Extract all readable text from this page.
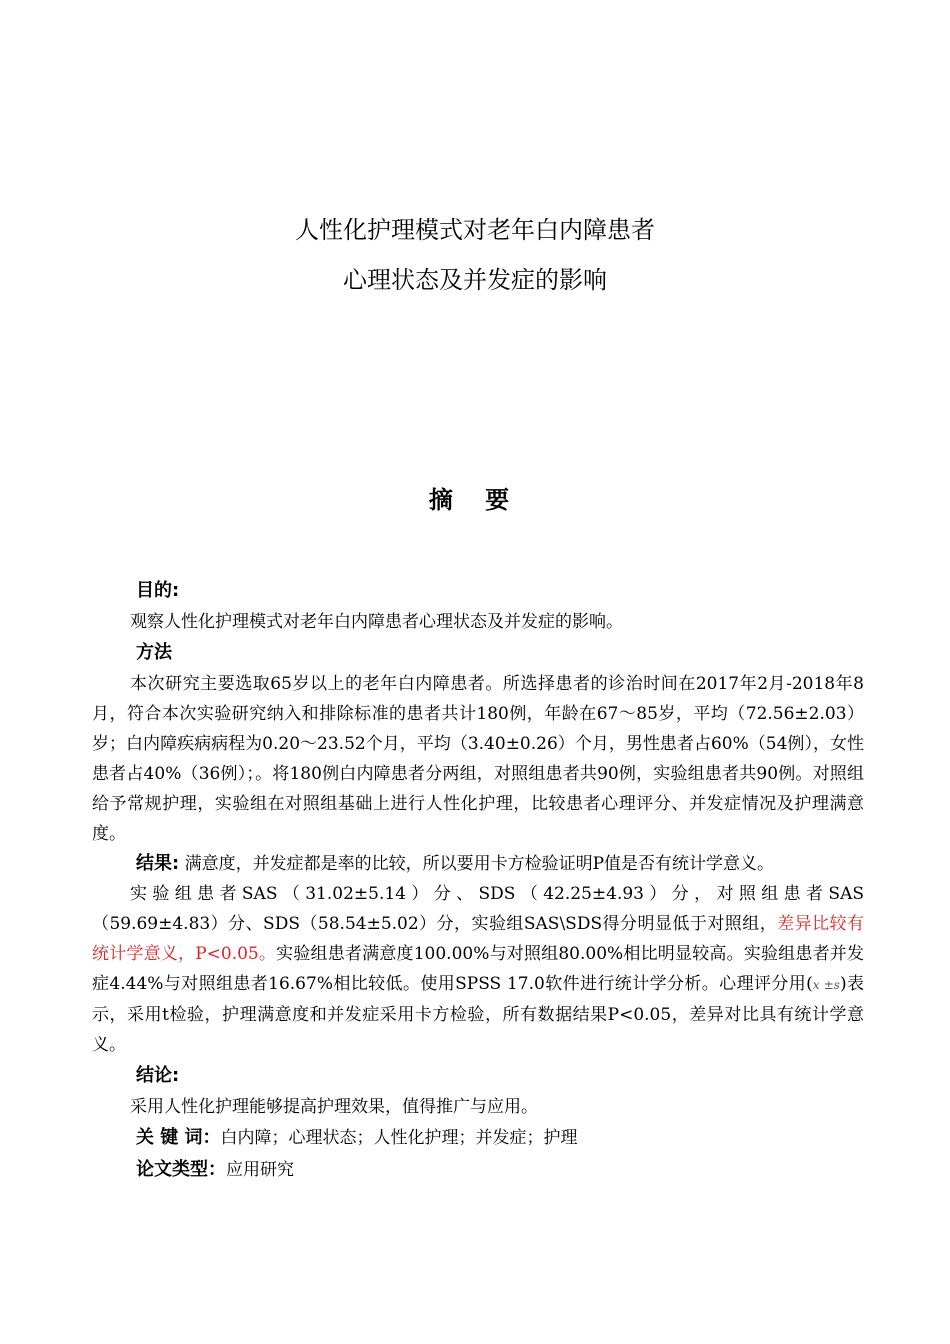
人性化护理模式对老年白内障患者
心理状态及并发症的影响
摘 要
目的:

观察人性化护理模式对老年白内障患者心理状态及并发症的影响。

方法

本次研究主要选取65岁以上的老年白内障患者。所选择患者的诊治时间在2017年2月-2018年8月，符合本次实验研究纳入和排除标准的患者共计180例，年龄在67～85岁，平均（72.56±2.03）岁；白内障疾病病程为0.20～23.52个月，平均（3.40±0.26）个月，男性患者占60%（54例），女性患者占40%（36例）；。将180例白内障患者分两组，对照组患者共90例，实验组患者共90例。对照组给予常规护理，实验组在对照组基础上进行人性化护理，比较患者心理评分、并发症情况及护理满意度。

结果: 满意度，并发症都是率的比较，所以要用卡方检验证明P值是否有统计学意义。

实验组患者SAS（31.02±5.14）分、SDS（42.25±4.93）分，对照组患者SAS（59.69±4.83）分、SDS（58.54±5.02）分，实验组SAS\SDS得分明显低于对照组，差异比较有统计学意义，P<0.05。实验组患者满意度100.00%与对照组80.00%相比明显较高。实验组患者并发症4.44%与对照组患者16.67%相比较低。使用SPSS 17.0软件进行统计学分析。心理评分用(x ±s)表示，采用t检验，护理满意度和并发症采用卡方检验，所有数据结果P<0.05，差异对比具有统计学意义。

结论:

采用人性化护理能够提高护理效果，值得推广与应用。

关 键 词：白内障；心理状态；人性化护理；并发症；护理
论文类型：应用研究
